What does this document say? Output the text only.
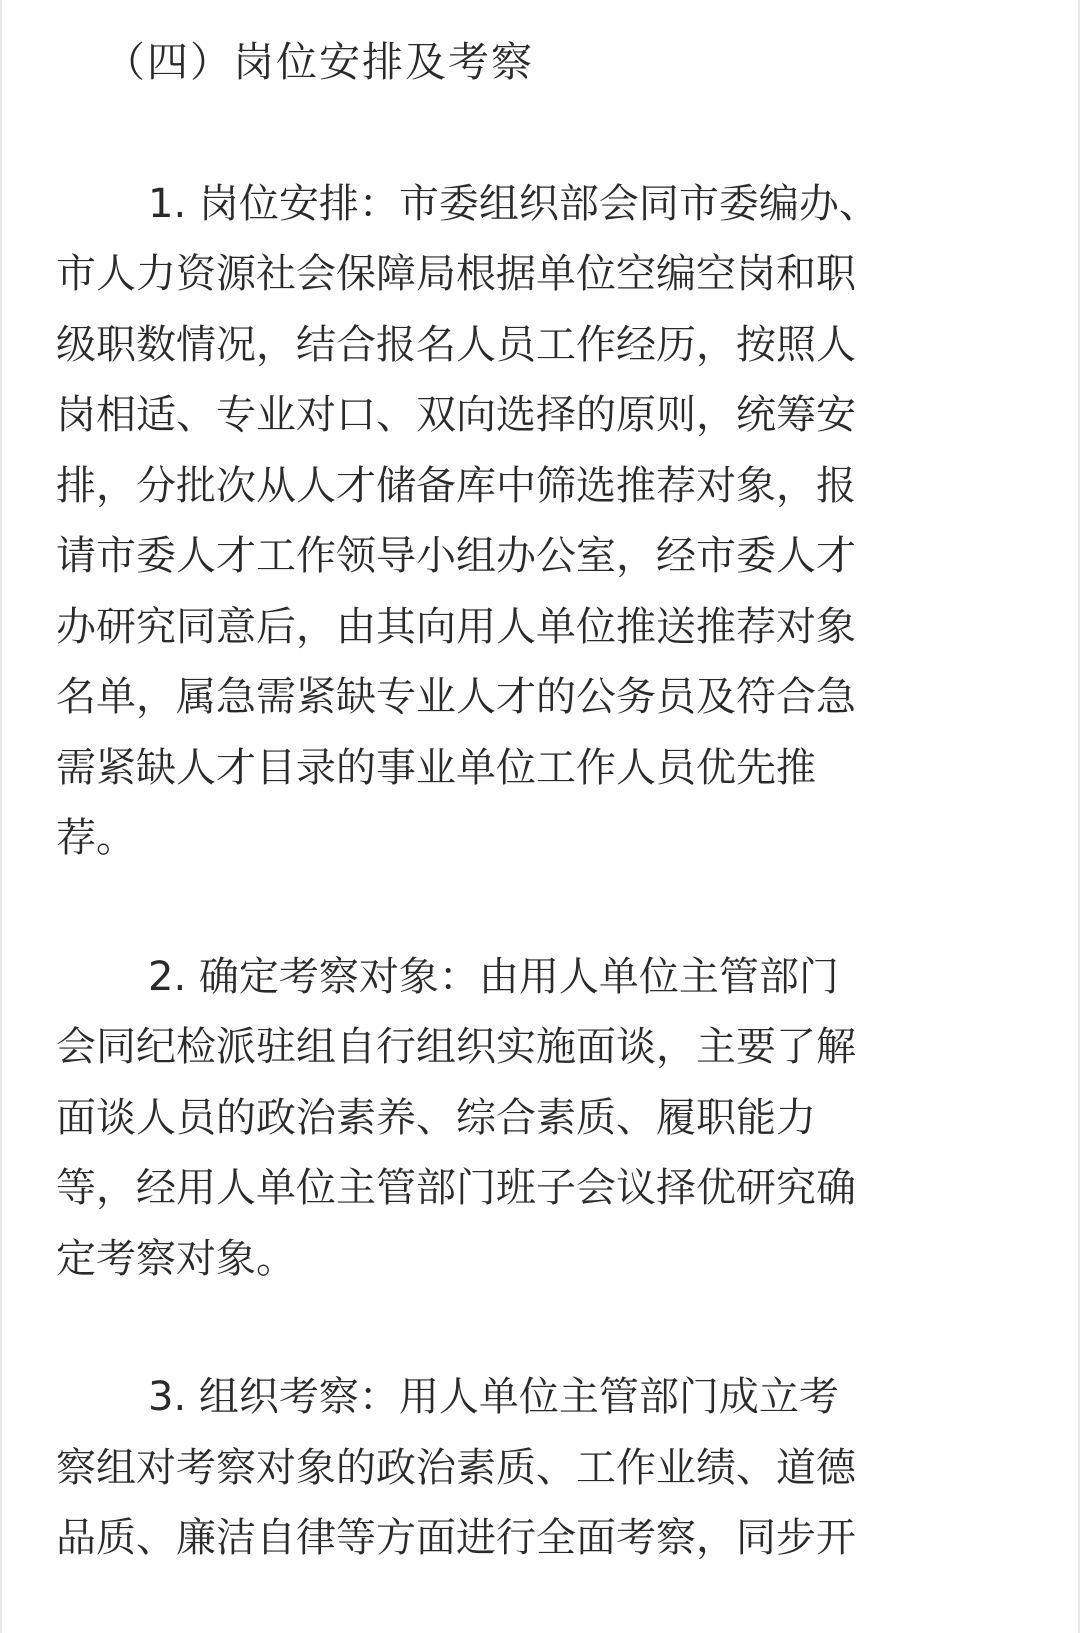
（四）岗位安排及考察
1. 岗位安排：市委组织部会同市委编办、
市人力资源社会保障局根据单位空编空岗和职
级职数情况，结合报名人员工作经历，按照人
岗相适、专业对口、双向选择的原则，统筹安
排，分批次从人才储备库中筛选推荐对象，报
请市委人才工作领导小组办公室，经市委人才
办研究同意后，由其向用人单位推送推荐对象
名单，属急需紧缺专业人才的公务员及符合急
需紧缺人才目录的事业单位工作人员优先推
荐。
2. 确定考察对象：由用人单位主管部门
会同纪检派驻组自行组织实施面谈，主要了解
面谈人员的政治素养、综合素质、履职能力
等，经用人单位主管部门班子会议择优研究确
定考察对象。
3. 组织考察：用人单位主管部门成立考
察组对考察对象的政治素质、工作业绩、道德
品质、廉洁自律等方面进行全面考察，同步开
